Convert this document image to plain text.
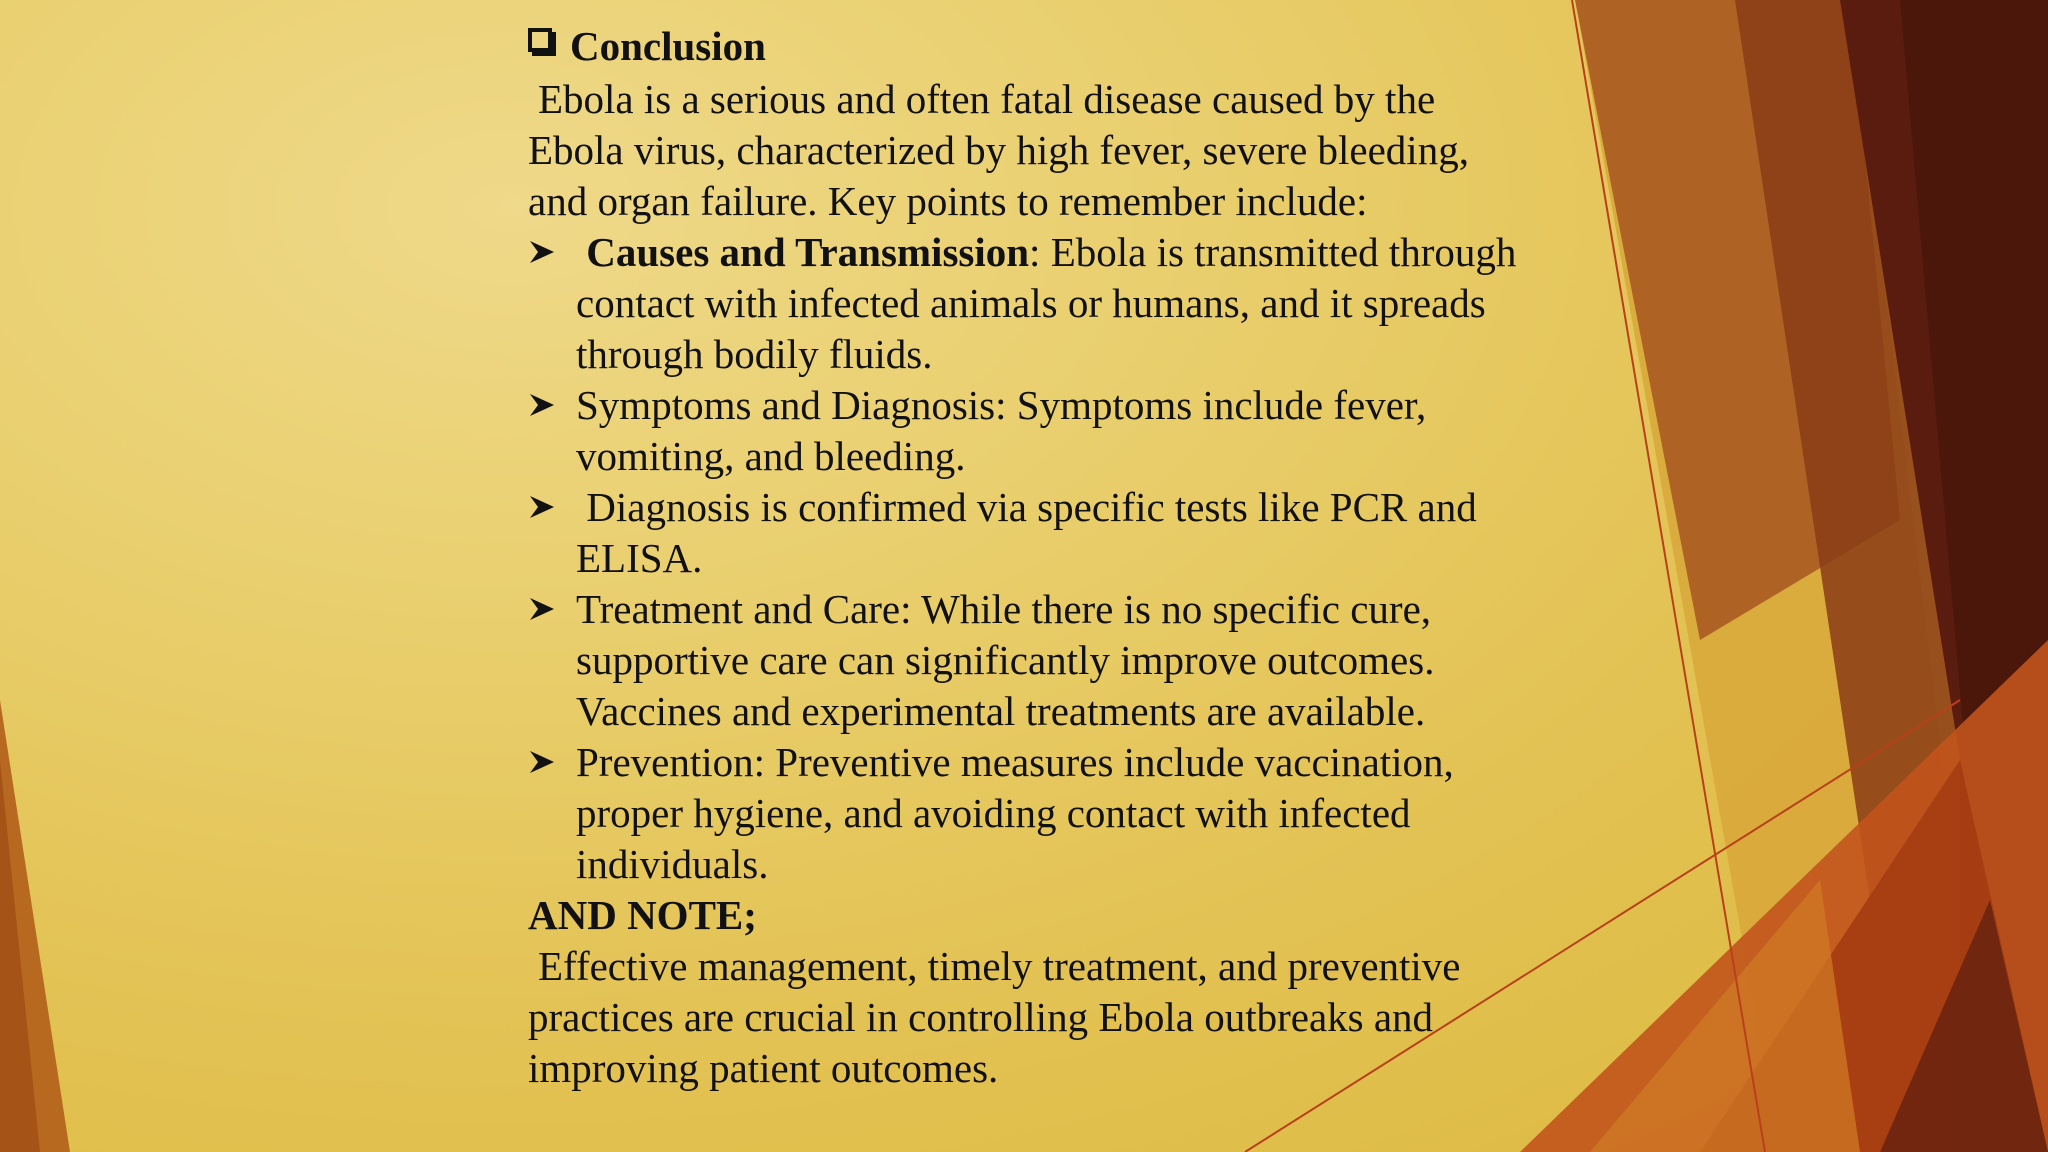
Conclusion

Ebola is a serious and often fatal disease caused by the Ebola virus, characterized by high fever, severe bleeding, and organ failure. Key points to remember include:

Causes and Transmission: Ebola is transmitted through contact with infected animals or humans, and it spreads through bodily fluids.
Symptoms and Diagnosis: Symptoms include fever, vomiting, and bleeding.
Diagnosis is confirmed via specific tests like PCR and ELISA.
Treatment and Care: While there is no specific cure, supportive care can significantly improve outcomes. Vaccines and experimental treatments are available.
Prevention: Preventive measures include vaccination, proper hygiene, and avoiding contact with infected individuals.

AND NOTE;

Effective management, timely treatment, and preventive practices are crucial in controlling Ebola outbreaks and improving patient outcomes.
